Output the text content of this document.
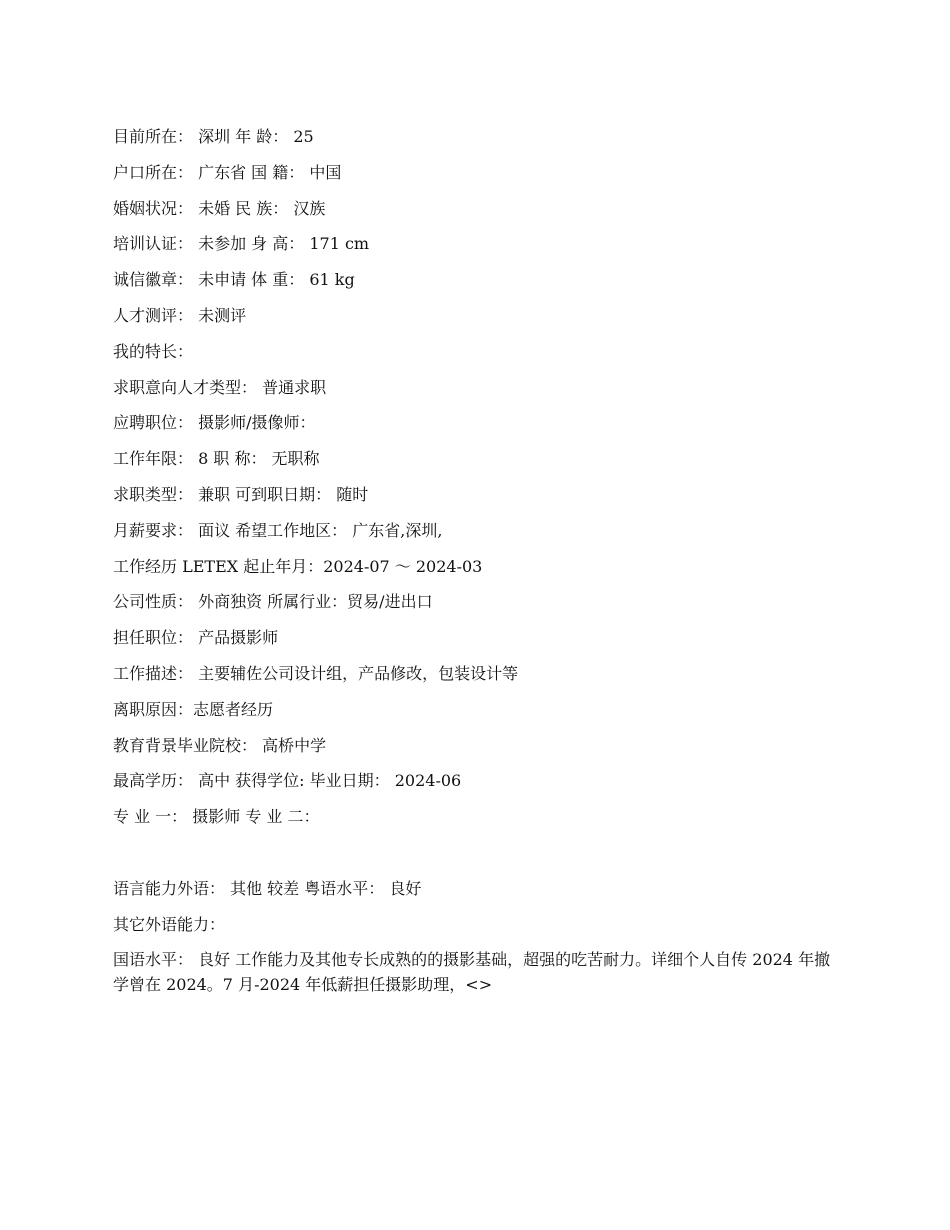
目前所在： 深圳 年 龄： 25
户口所在： 广东省 国 籍： 中国
婚姻状况： 未婚 民 族： 汉族
培训认证： 未参加 身 高： 171 cm
诚信徽章： 未申请 体 重： 61 kg
人才测评： 未测评
我的特长：
求职意向人才类型： 普通求职
应聘职位： 摄影师/摄像师：
工作年限： 8 职 称： 无职称
求职类型： 兼职 可到职日期： 随时
月薪要求： 面议 希望工作地区： 广东省,深圳,
工作经历 LETEX 起止年月：2024-07 ～ 2024-03
公司性质： 外商独资 所属行业：贸易/进出口
担任职位： 产品摄影师
工作描述： 主要辅佐公司设计组，产品修改，包装设计等
离职原因：志愿者经历
教育背景毕业院校： 高桥中学
最高学历： 高中 获得学位: 毕业日期： 2024-06
专 业 一： 摄影师 专 业 二：
语言能力外语： 其他 较差 粤语水平： 良好
其它外语能力：

国语水平： 良好 工作能力及其他专长成熟的的摄影基础，超强的吃苦耐力。详细个人自传 2024 年撤学曾在 2024。7 月-2024 年低薪担任摄影助理，<>
